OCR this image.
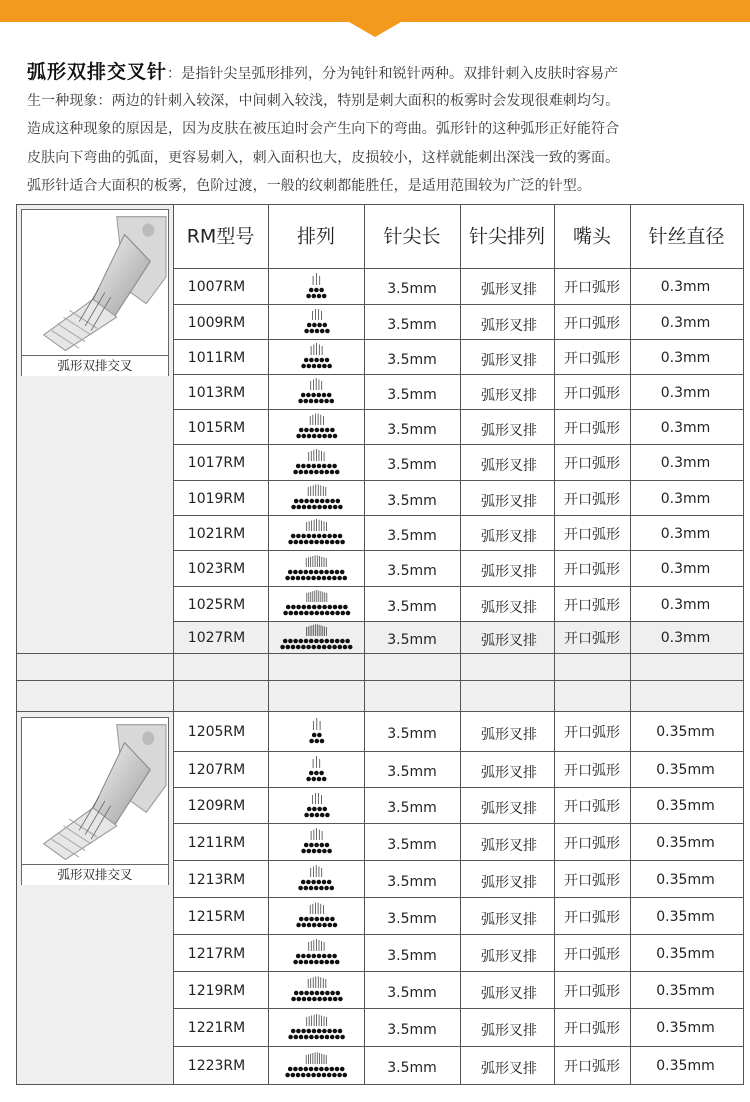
弧形双排交叉针：是指针尖呈弧形排列，分为钝针和锐针两种。双排针刺入皮肤时容易产
生一种现象：两边的针刺入较深，中间刺入较浅，特别是刺大面积的板雾时会发现很难刺均匀。
造成这种现象的原因是，因为皮肤在被压迫时会产生向下的弯曲。弧形针的这种弧形正好能符合
皮肤向下弯曲的弧面，更容易刺入，刺入面积也大，皮损较小，这样就能刺出深浅一致的雾面。
弧形针适合大面积的板雾，色阶过渡，一般的纹刺都能胜任，是适用范围较为广泛的针型。
RM型号 排列	针尖长 针尖排列 嘴头 针丝直径
1007RM	3.5mm	弧形叉排 开口弧形	0.3mm
1009RM	3.5mm	弧形叉排 开口弧形	0.3mm
1011RM	3.5mm	弧形叉排 开口弧形	0.3mm
1013RM	3.5mm	弧形叉排 开口弧形	0.3mm
1015RM	3.5mm	弧形叉排 开口弧形	0.3mm
1017RM	3.5mm	弧形叉排 开口弧形	0.3mm
1019RM	3.5mm	弧形叉排 开口弧形	0.3mm
1021RM	3.5mm	弧形叉排 开口弧形	0.3mm
1023RM	3.5mm	弧形叉排 开口弧形	0.3mm
1025RM	3.5mm	弧形叉排 开口弧形	0.3mm
1027RM	3.5mm	弧形叉排 开口弧形	0.3mm
1205RM	3.5mm	弧形叉排 开口弧形	0.35mm
1207RM	3.5mm	弧形叉排 开口弧形	0.35mm
1209RM	3.5mm	弧形叉排 开口弧形	0.35mm
1211RM	3.5mm	弧形叉排 开口弧形	0.35mm
1213RM	3.5mm	弧形叉排 开口弧形	0.35mm
1215RM	3.5mm	弧形叉排 开口弧形	0.35mm
1217RM	3.5mm	弧形叉排 开口弧形	0.35mm
1219RM	3.5mm	弧形叉排 开口弧形	0.35mm
1221RM	3.5mm	弧形叉排 开口弧形	0.35mm
1223RM	3.5mm	弧形叉排 开口弧形	0.35mm
弧形双排交叉
弧形双排交叉
